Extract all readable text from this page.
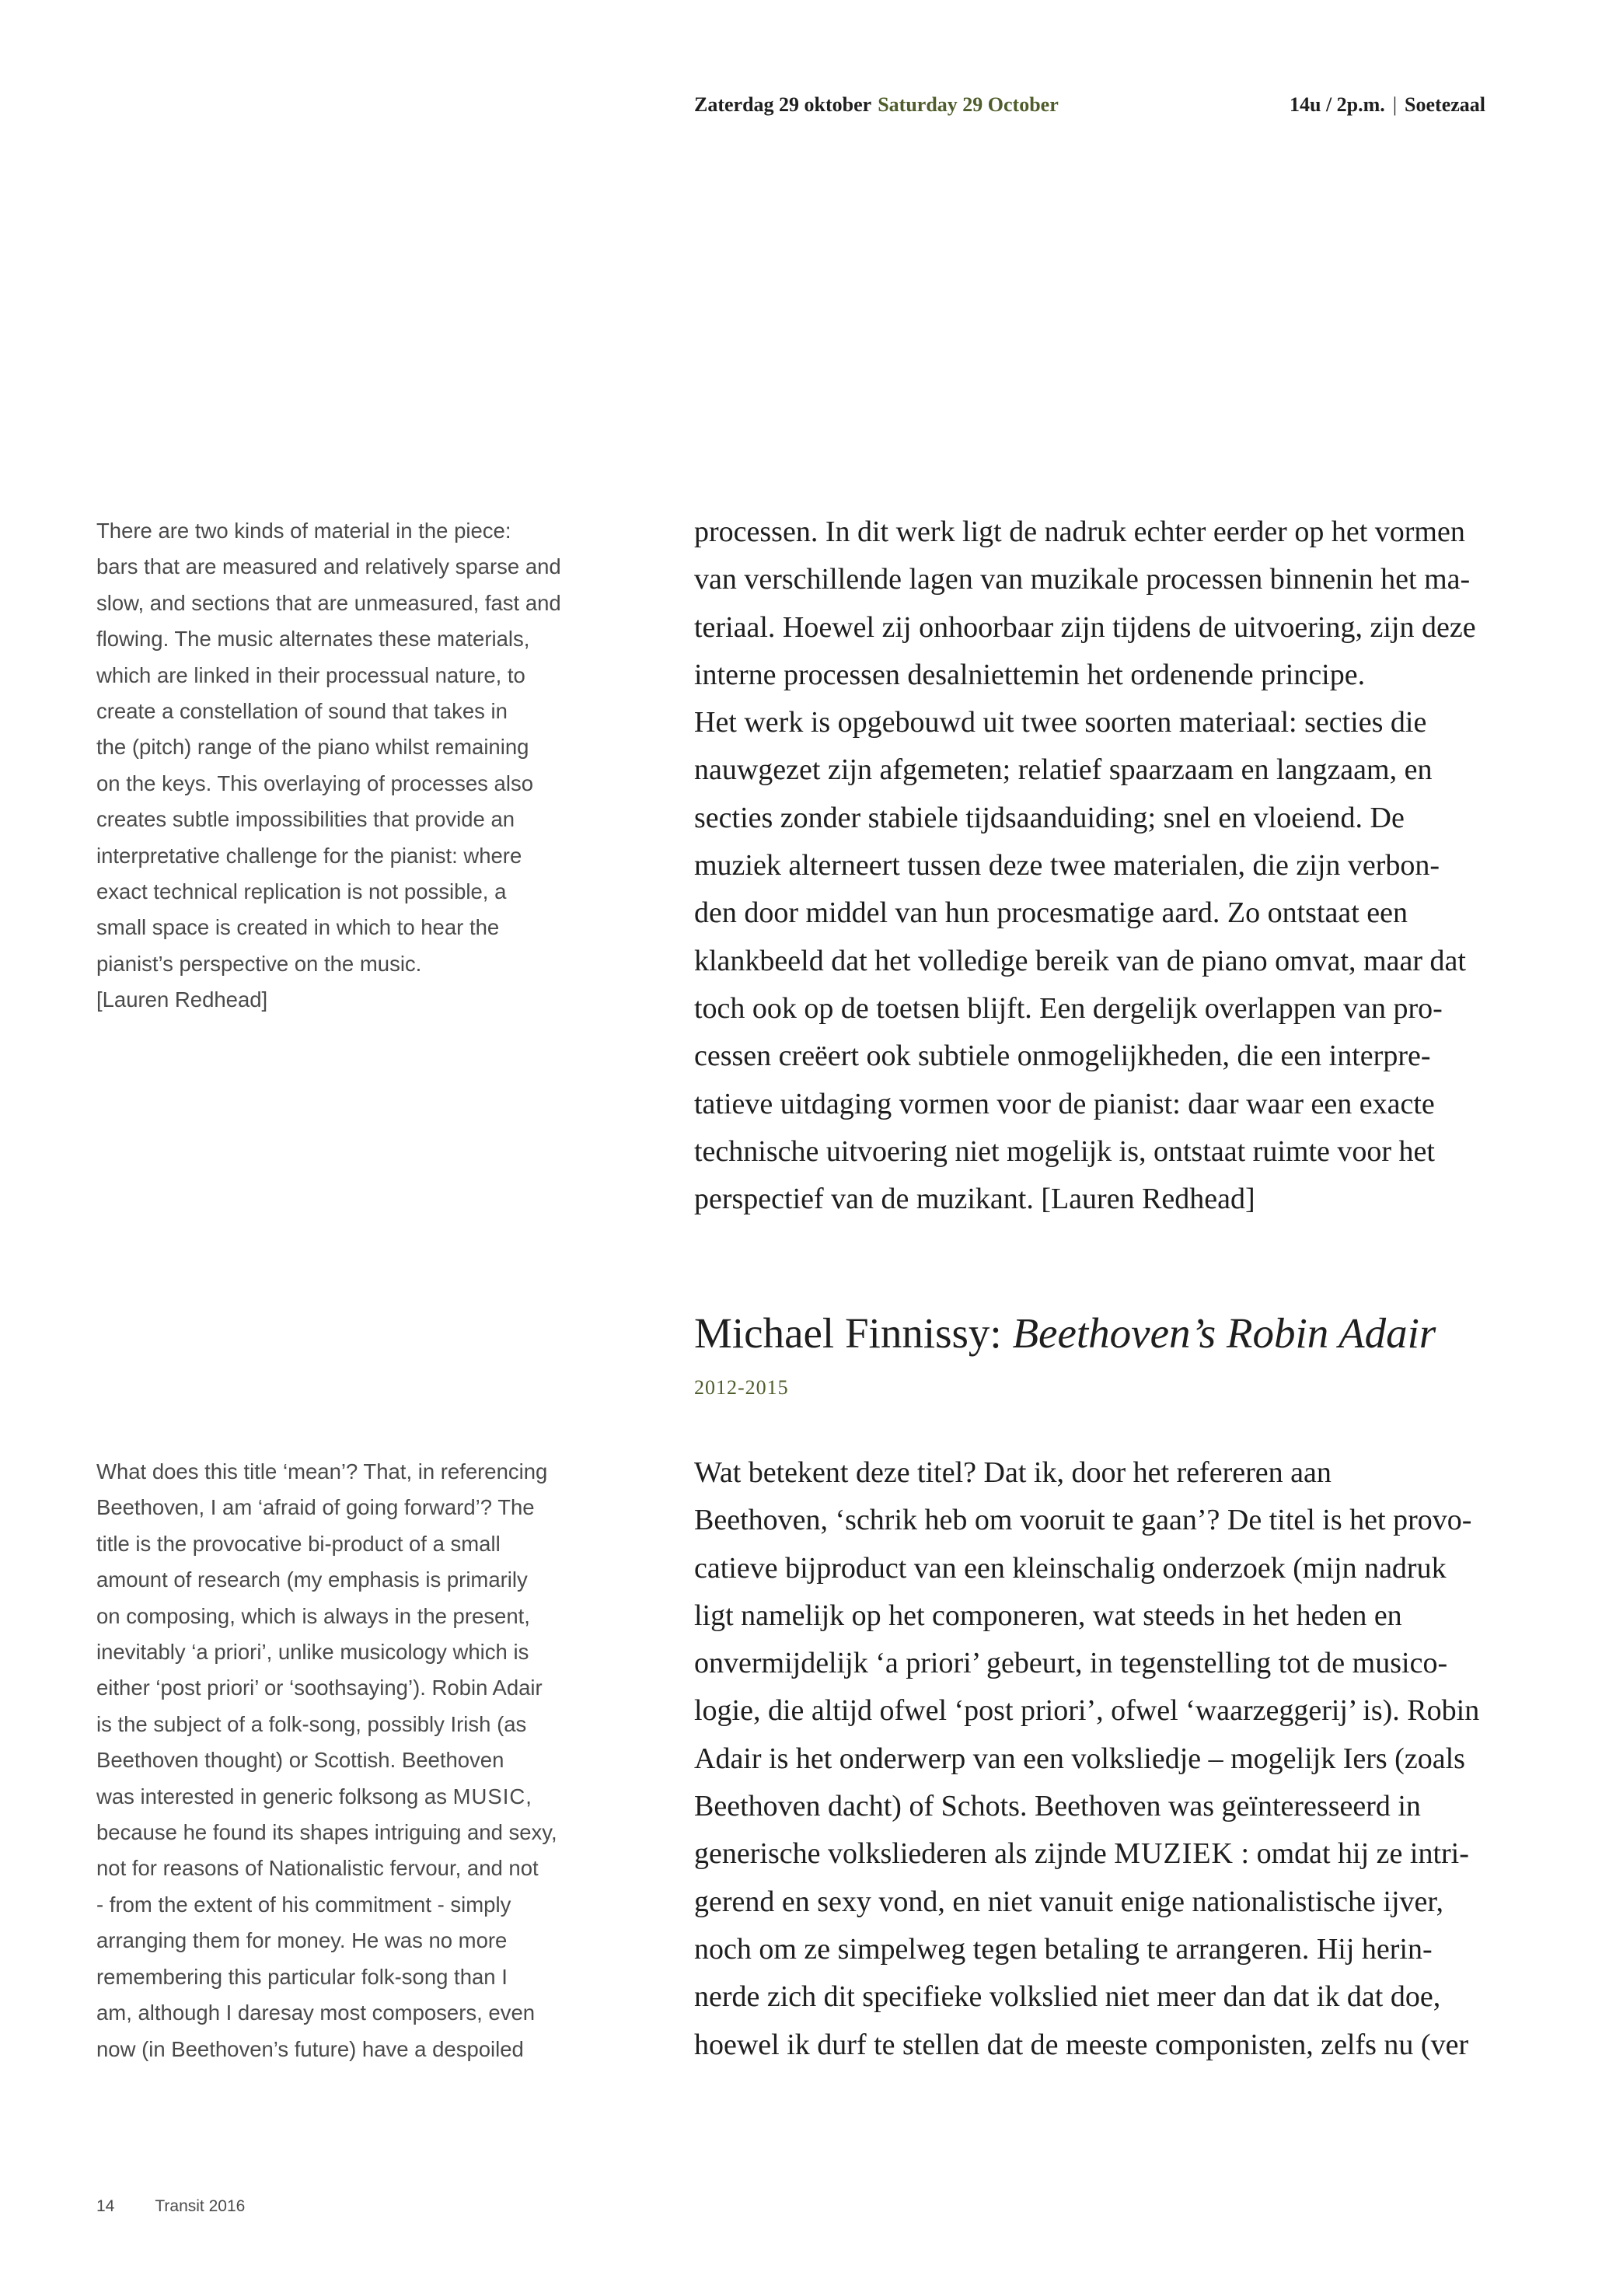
Zaterdag 29 oktober Saturday 29 October	14u / 2p.m. | Soetezaal
There are two kinds of material in the piece:
bars that are measured and relatively sparse and
slow, and sections that are unmeasured, fast and
flowing. The music alternates these materials,
which are linked in their processual nature, to
create a constellation of sound that takes in
the (pitch) range of the piano whilst remaining
on the keys. This overlaying of processes also
creates subtle impossibilities that provide an
interpretative challenge for the pianist: where
exact technical replication is not possible, a
small space is created in which to hear the
pianist’s perspective on the music.
[Lauren Redhead]
processen. In dit werk ligt de nadruk echter eerder op het vormen
van verschillende lagen van muzikale processen binnenin het ma-
teriaal. Hoewel zij onhoorbaar zijn tijdens de uitvoering, zijn deze
interne processen desalniettemin het ordenende principe.
Het werk is opgebouwd uit twee soorten materiaal: secties die
nauwgezet zijn afgemeten; relatief spaarzaam en langzaam, en
secties zonder stabiele tijdsaanduiding; snel en vloeiend. De
muziek alterneert tussen deze twee materialen, die zijn verbon-
den door middel van hun procesmatige aard. Zo ontstaat een
klankbeeld dat het volledige bereik van de piano omvat, maar dat
toch ook op de toetsen blijft. Een dergelijk overlappen van pro-
cessen creëert ook subtiele onmogelijkheden, die een interpre-
tatieve uitdaging vormen voor de pianist: daar waar een exacte
technische uitvoering niet mogelijk is, ontstaat ruimte voor het
perspectief van de muzikant. [Lauren Redhead]
Michael Finnissy: Beethoven’s Robin Adair
2012-2015
What does this title ‘mean’? That, in referencing
Beethoven, I am ‘afraid of going forward’? The
title is the provocative bi-product of a small
amount of research (my emphasis is primarily
on composing, which is always in the present,
inevitably ‘a priori’, unlike musicology which is
either ‘post priori’ or ‘soothsaying’). Robin Adair
is the subject of a folk-song, possibly Irish (as
Beethoven thought) or Scottish. Beethoven
was interested in generic folksong as MUSIC,
because he found its shapes intriguing and sexy,
not for reasons of Nationalistic fervour, and not
- from the extent of his commitment - simply
arranging them for money. He was no more
remembering this particular folk-song than I
am, although I daresay most composers, even
now (in Beethoven’s future) have a despoiled
Wat betekent deze titel? Dat ik, door het refereren aan
Beethoven, ‘schrik heb om vooruit te gaan’? De titel is het provo-
catieve bijproduct van een kleinschalig onderzoek (mijn nadruk
ligt namelijk op het componeren, wat steeds in het heden en
onvermijdelijk ‘a priori’ gebeurt, in tegenstelling tot de musico-
logie, die altijd ofwel ‘post priori’, ofwel ‘waarzeggerij’ is). Robin
Adair is het onderwerp van een volksliedje – mogelijk Iers (zoals
Beethoven dacht) of Schots. Beethoven was geïnteresseerd in
generische volksliederen als zijnde MUZIEK : omdat hij ze intri-
gerend en sexy vond, en niet vanuit enige nationalistische ijver,
noch om ze simpelweg tegen betaling te arrangeren. Hij herin-
nerde zich dit specifieke volkslied niet meer dan dat ik dat doe,
hoewel ik durf te stellen dat de meeste componisten, zelfs nu (ver
14 Transit 2016
